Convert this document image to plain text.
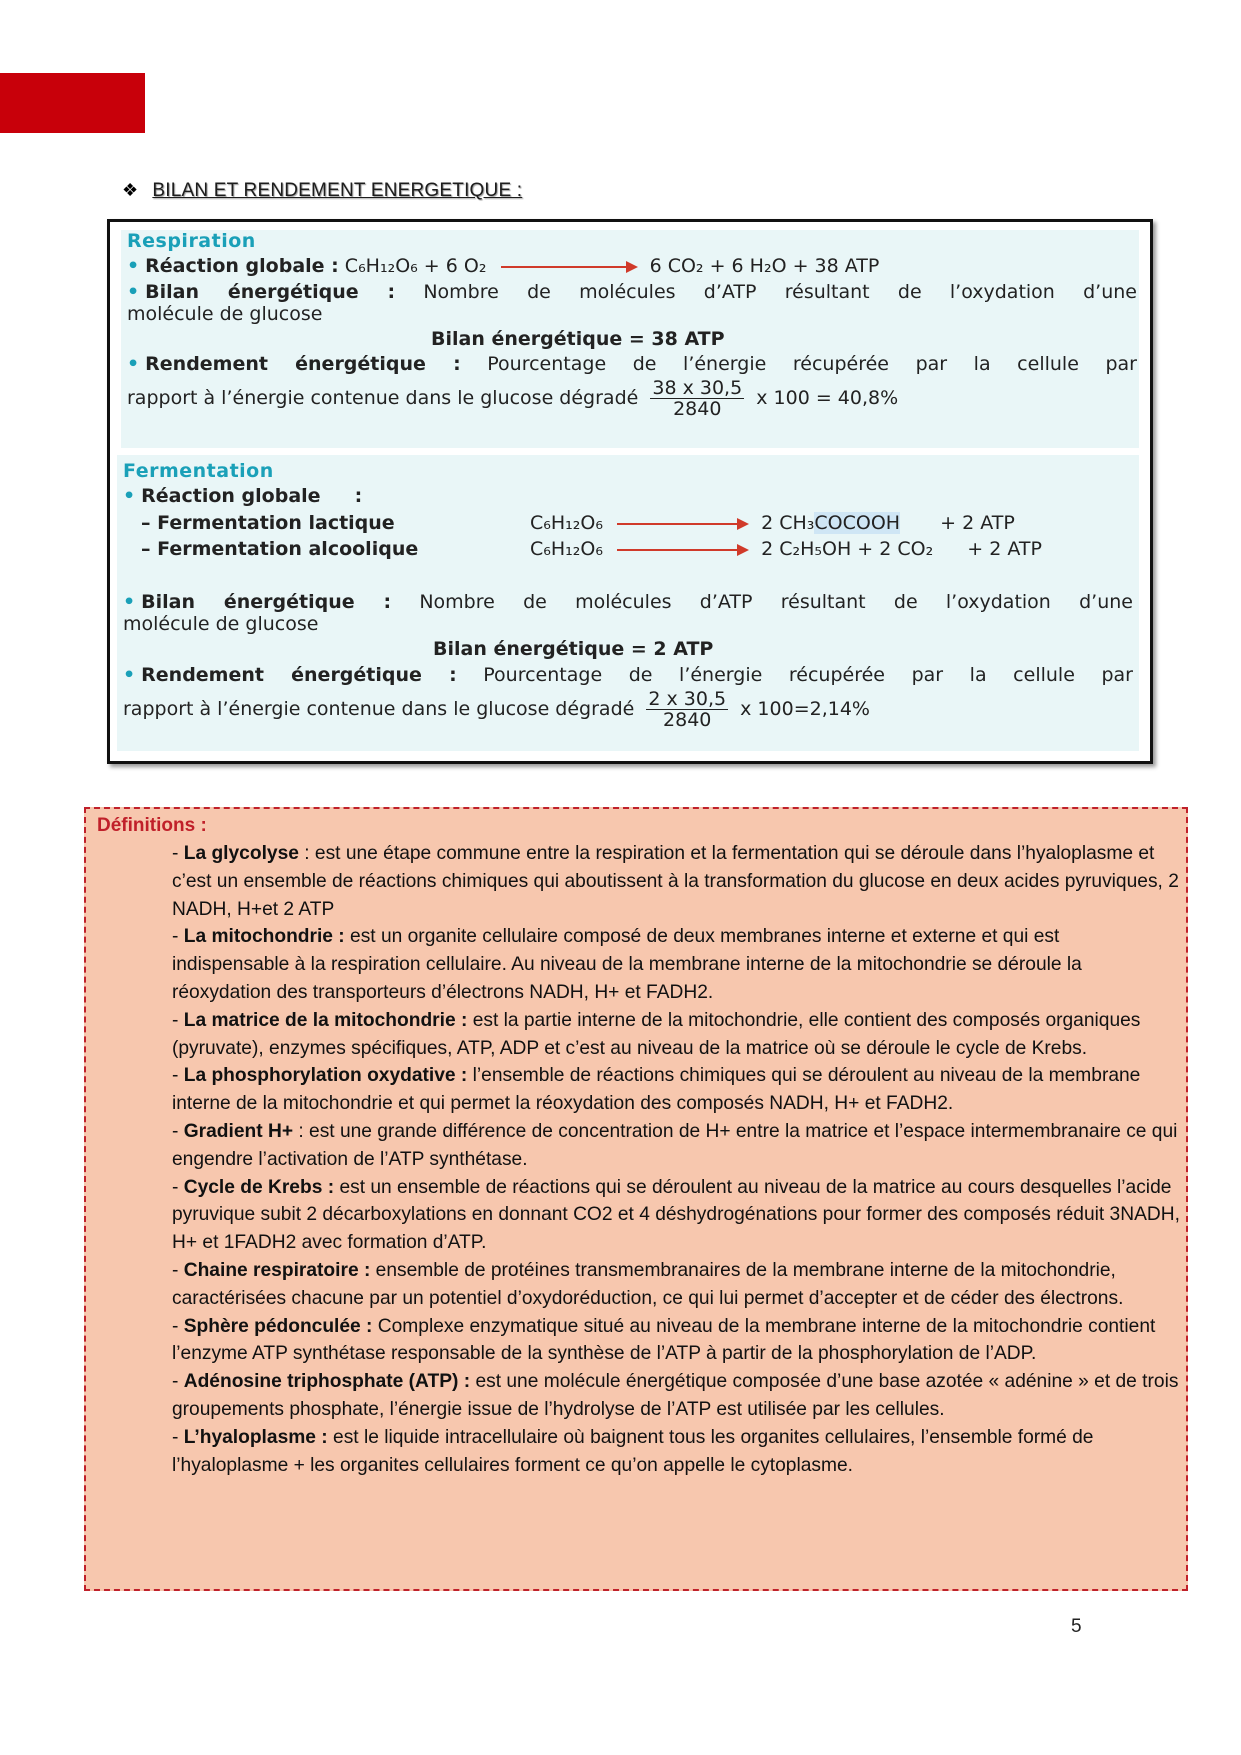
❖ BILAN ET RENDEMENT ENERGETIQUE :
Respiration
• Réaction globale : C₆H₁₂O₆ + 6 O₂	6 CO₂ + 6 H₂O + 38 ATP
• Bilan énergétique : Nombre de molécules d’ATP résultant de l’oxydation d’une
molécule de glucose
Bilan énergétique = 38 ATP
• Rendement énergétique : Pourcentage de l’énergie récupérée par la cellule par
rapport à l’énergie contenue dans le glucose dégradé $\frac{38 x 30,5}{2840}$ x 100 = 40,8%
Fermentation
• Réaction globale :
– Fermentation lactique	C₆H₁₂O₆	2 CH₃COCOOH + 2 ATP
– Fermentation alcoolique	C₆H₁₂O₆	2 C₂H₅OH + 2 CO₂ + 2 ATP
• Bilan énergétique : Nombre de molécules d’ATP résultant de l’oxydation d’une
molécule de glucose
Bilan énergétique = 2 ATP
• Rendement énergétique : Pourcentage de l’énergie récupérée par la cellule par
rapport à l’énergie contenue dans le glucose dégradé $\frac{2 x 30,5}{2840}$ x 100=2,14%
Définitions :

- La glycolyse : est une étape commune entre la respiration et la fermentation qui se déroule dans l’hyaloplasme et c’est un ensemble de réactions chimiques qui aboutissent à la transformation du glucose en deux acides pyruviques, 2 NADH, H+et 2 ATP

- La mitochondrie : est un organite cellulaire composé de deux membranes interne et externe et qui est indispensable à la respiration cellulaire. Au niveau de la membrane interne de la mitochondrie se déroule la réoxydation des transporteurs d’électrons NADH, H+ et FADH2.

- La matrice de la mitochondrie : est la partie interne de la mitochondrie, elle contient des composés organiques (pyruvate), enzymes spécifiques, ATP, ADP et c’est au niveau de la matrice où se déroule le cycle de Krebs.

- La phosphorylation oxydative : l’ensemble de réactions chimiques qui se déroulent au niveau de la membrane interne de la mitochondrie et qui permet la réoxydation des composés NADH, H+ et FADH2.

- Gradient H+ : est une grande différence de concentration de H+ entre la matrice et l’espace intermembranaire ce qui engendre l’activation de l’ATP synthétase.

- Cycle de Krebs : est un ensemble de réactions qui se déroulent au niveau de la matrice au cours desquelles l’acide pyruvique subit 2 décarboxylations en donnant CO2 et 4 déshydrogénations pour former des composés réduit 3NADH, H+ et 1FADH2 avec formation d’ATP.

- Chaine respiratoire : ensemble de protéines transmembranaires de la membrane interne de la mitochondrie, caractérisées chacune par un potentiel d’oxydoréduction, ce qui lui permet d’accepter et de céder des électrons.

- Sphère pédonculée : Complexe enzymatique situé au niveau de la membrane interne de la mitochondrie contient l’enzyme ATP synthétase responsable de la synthèse de l’ATP à partir de la phosphorylation de l’ADP.

- Adénosine triphosphate (ATP) : est une molécule énergétique composée d’une base azotée « adénine » et de trois groupements phosphate, l’énergie issue de l’hydrolyse de l’ATP est utilisée par les cellules.

- L’hyaloplasme : est le liquide intracellulaire où baignent tous les organites cellulaires, l’ensemble formé de l’hyaloplasme + les organites cellulaires forment ce qu’on appelle le cytoplasme.

5
